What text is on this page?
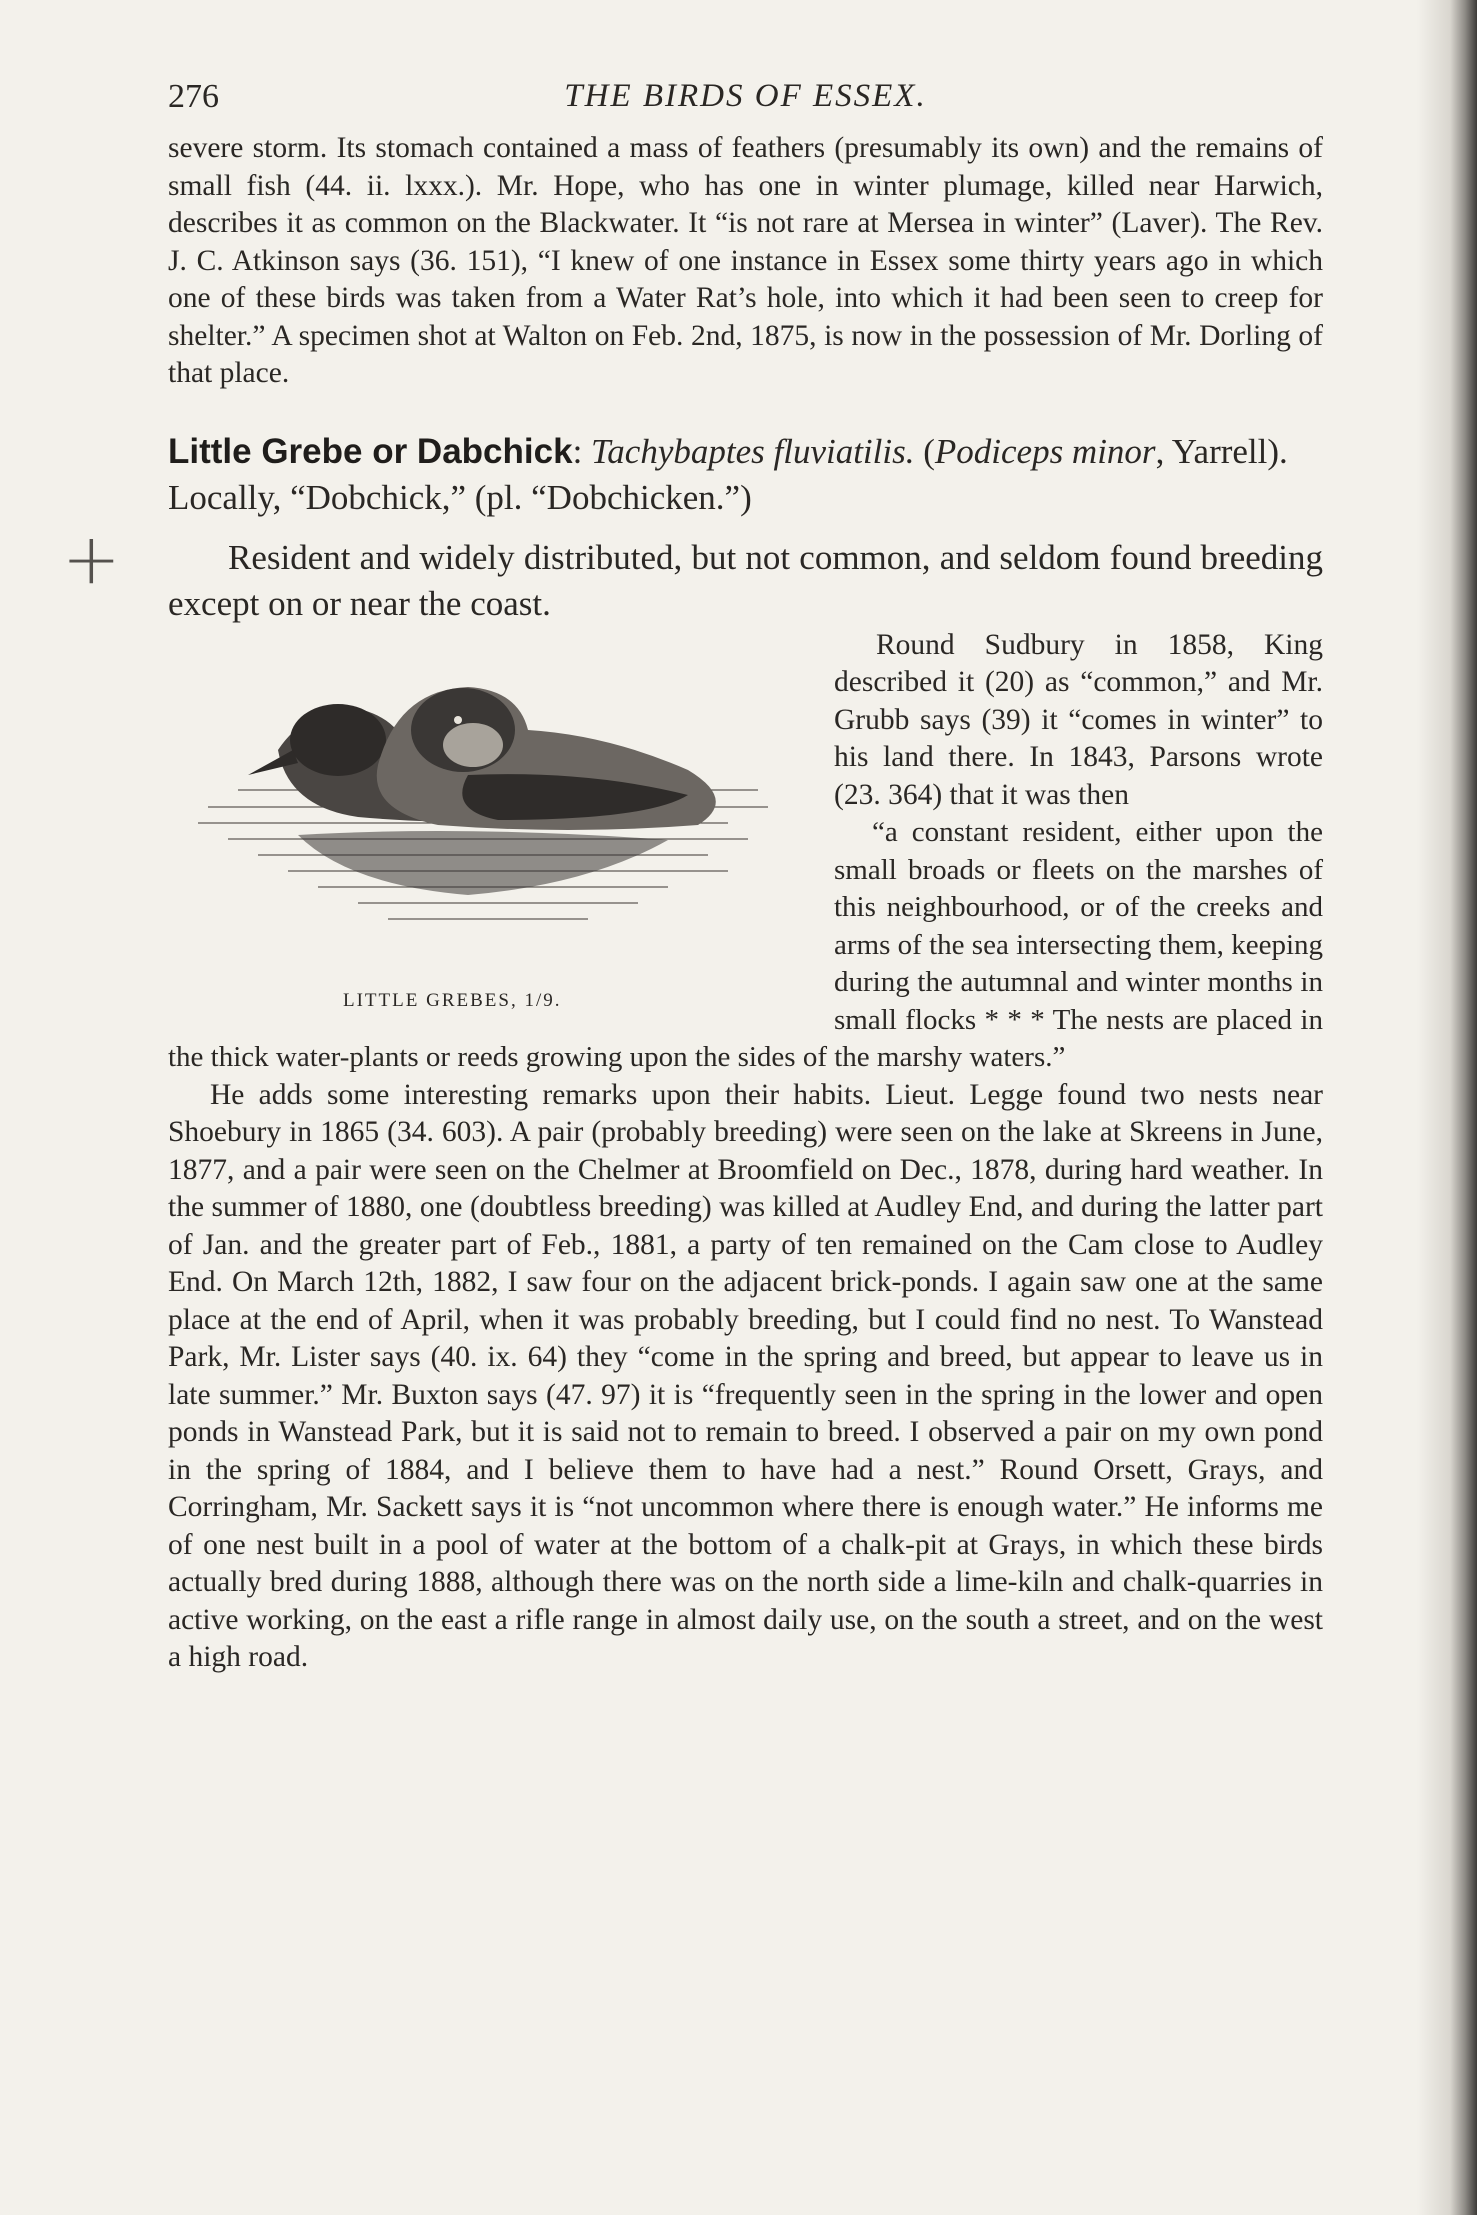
+
276	THE BIRDS OF ESSEX.

severe storm. Its stomach contained a mass of feathers (presumably its own) and the remains of small fish (44. ii. lxxx.). Mr. Hope, who has one in winter plumage, killed near Harwich, describes it as common on the Blackwater. It “is not rare at Mersea in winter” (Laver). The Rev. J. C. Atkinson says (36. 151), “I knew of one instance in Essex some thirty years ago in which one of these birds was taken from a Water Rat’s hole, into which it had been seen to creep for shelter.” A specimen shot at Walton on Feb. 2nd, 1875, is now in the possession of Mr. Dorling of that place.

Little Grebe or Dabchick: Tachybaptes fluviatilis. (Podiceps minor, Yarrell). Locally, “Dobchick,” (pl. “Dobchicken.”)

Resident and widely distributed, but not common, and seldom found breeding except on or near the coast.

LITTLE GREBES, 1/9.

Round Sudbury in 1858, King described it (20) as “common,” and Mr. Grubb says (39) it “comes in winter” to his land there. In 1843, Parsons wrote (23. 364) that it was then

“a constant resident, either upon the small broads or fleets on the marshes of this neighbourhood, or of the creeks and arms of the sea intersecting them, keeping during the autumnal and winter months in small flocks * * * The nests are placed in the thick water-plants or reeds growing upon the sides of the marshy waters.”

He adds some interesting remarks upon their habits. Lieut. Legge found two nests near Shoebury in 1865 (34. 603). A pair (probably breeding) were seen on the lake at Skreens in June, 1877, and a pair were seen on the Chelmer at Broomfield on Dec., 1878, during hard weather. In the summer of 1880, one (doubtless breeding) was killed at Audley End, and during the latter part of Jan. and the greater part of Feb., 1881, a party of ten remained on the Cam close to Audley End. On March 12th, 1882, I saw four on the adjacent brick-ponds. I again saw one at the same place at the end of April, when it was probably breeding, but I could find no nest. To Wanstead Park, Mr. Lister says (40. ix. 64) they “come in the spring and breed, but appear to leave us in late summer.” Mr. Buxton says (47. 97) it is “frequently seen in the spring in the lower and open ponds in Wanstead Park, but it is said not to remain to breed. I observed a pair on my own pond in the spring of 1884, and I believe them to have had a nest.” Round Orsett, Grays, and Corringham, Mr. Sackett says it is “not uncommon where there is enough water.” He informs me of one nest built in a pool of water at the bottom of a chalk-pit at Grays, in which these birds actually bred during 1888, although there was on the north side a lime-kiln and chalk-quarries in active working, on the east a rifle range in almost daily use, on the south a street, and on the west a high road.
